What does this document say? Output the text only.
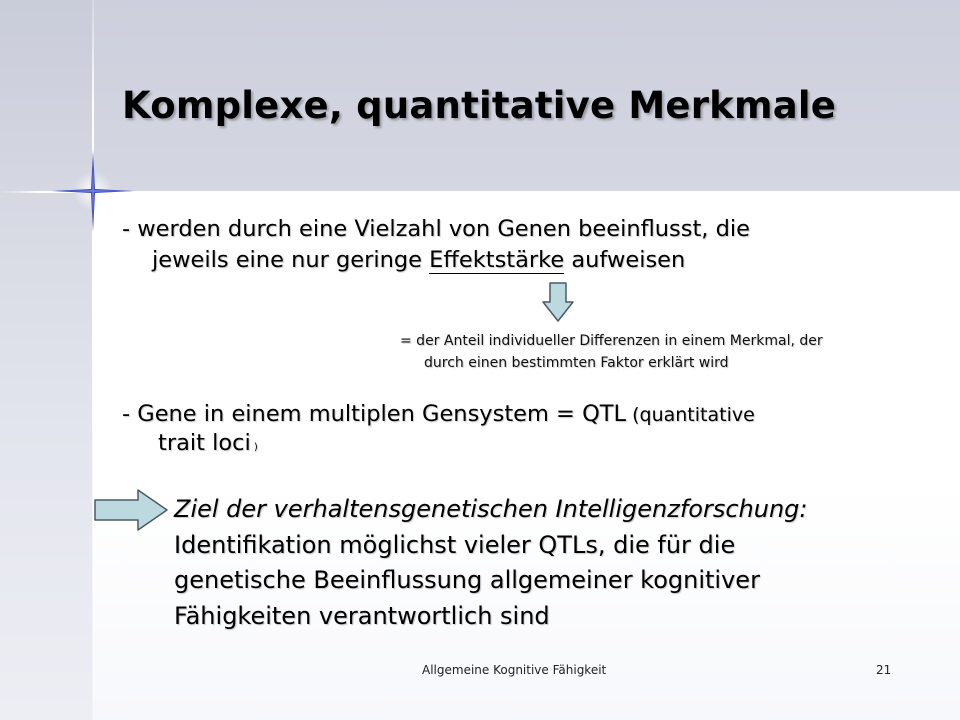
Komplexe, quantitative Merkmale
- werden durch eine Vielzahl von Genen beeinflusst, die
jeweils eine nur geringe Effektstärke aufweisen
= der Anteil individueller Differenzen in einem Merkmal, der
durch einen bestimmten Faktor erklärt wird
- Gene in einem multiplen Gensystem = QTL (quantitative
trait loci )
Ziel der verhaltensgenetischen Intelligenzforschung:
Identifikation möglichst vieler QTLs, die für die
genetische Beeinflussung allgemeiner kognitiver
Fähigkeiten verantwortlich sind
Allgemeine Kognitive Fähigkeit	21
